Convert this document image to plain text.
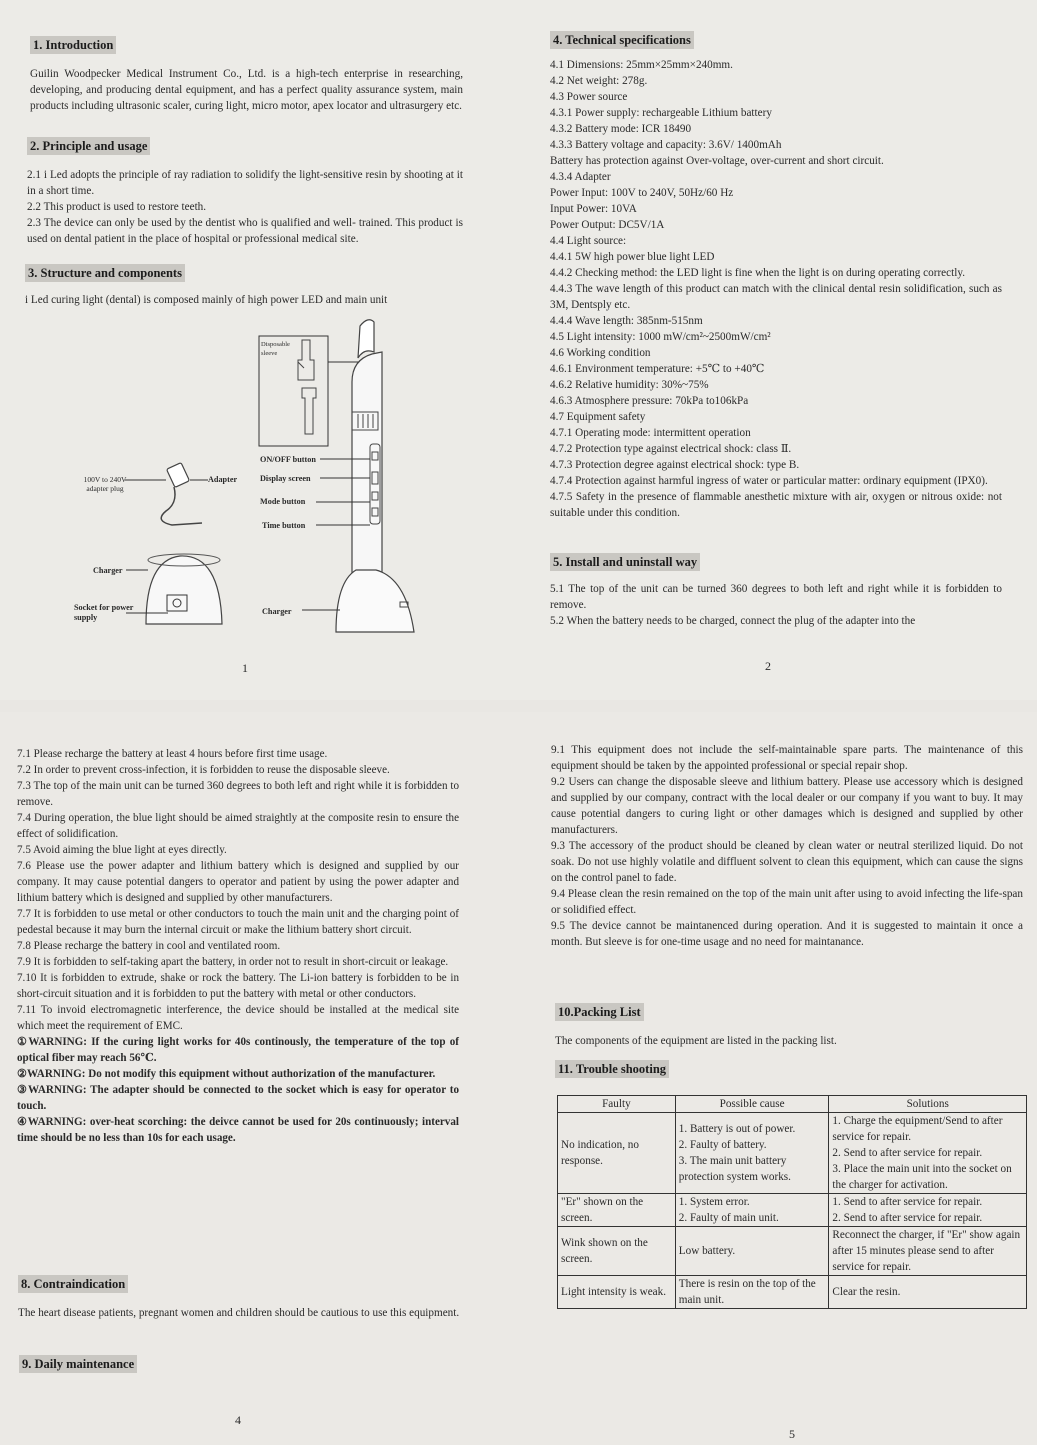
1. Introduction

Guilin Woodpecker Medical Instrument Co., Ltd. is a high-tech enterprise in researching, developing, and producing dental equipment, and has a perfect quality assurance system, main products including ultrasonic scaler, curing light, micro motor, apex locator and ultrasurgery etc.

2. Principle and usage

2.1 i Led adopts the principle of ray radiation to solidify the light-sensitive resin by shooting at it in a short time.

2.2 This product is used to restore teeth.

2.3 The device can only be used by the dentist who is qualified and well- trained. This product is used on dental patient in the place of hospital or professional medical site.

3. Structure and components

i Led curing light (dental) is composed mainly of high power LED and main unit

Disposable sleeve
ON/OFF button
Display screen
Mode button
Time button
Charger
100V to 240V adapter plug
Adapter
Charger
Socket for power supply
1
4. Technical specifications

4.1 Dimensions: 25mm×25mm×240mm.

4.2 Net weight: 278g.

4.3 Power source

4.3.1 Power supply: rechargeable Lithium battery

4.3.2 Battery mode: ICR 18490

4.3.3 Battery voltage and capacity: 3.6V/ 1400mAh

Battery has protection against Over-voltage, over-current and short circuit.

4.3.4 Adapter

Power Input: 100V to 240V, 50Hz/60 Hz

Input Power: 10VA

Power Output: DC5V/1A

4.4 Light source:

4.4.1 5W high power blue light LED

4.4.2 Checking method: the LED light is fine when the light is on during operating correctly.

4.4.3 The wave length of this product can match with the clinical dental resin solidification, such as 3M, Dentsply etc.

4.4.4 Wave length: 385nm-515nm

4.5 Light intensity: 1000 mW/cm²~2500mW/cm²

4.6 Working condition

4.6.1 Environment temperature: +5℃ to +40℃

4.6.2 Relative humidity: 30%~75%

4.6.3 Atmosphere pressure: 70kPa to106kPa

4.7 Equipment safety

4.7.1 Operating mode: intermittent operation

4.7.2 Protection type against electrical shock: class Ⅱ.

4.7.3 Protection degree against electrical shock: type B.

4.7.4 Protection against harmful ingress of water or particular matter: ordinary equipment (IPX0).

4.7.5 Safety in the presence of flammable anesthetic mixture with air, oxygen or nitrous oxide: not suitable under this condition.

5. Install and uninstall way

5.1 The top of the unit can be turned 360 degrees to both left and right while it is forbidden to remove.

5.2 When the battery needs to be charged, connect the plug of the adapter into the

2

7.1 Please recharge the battery at least 4 hours before first time usage.

7.2 In order to prevent cross-infection, it is forbidden to reuse the disposable sleeve.

7.3 The top of the main unit can be turned 360 degrees to both left and right while it is forbidden to remove.

7.4 During operation, the blue light should be aimed straightly at the composite resin to ensure the effect of solidification.

7.5 Avoid aiming the blue light at eyes directly.

7.6 Please use the power adapter and lithium battery which is designed and supplied by our company. It may cause potential dangers to operator and patient by using the power adapter and lithium battery which is designed and supplied by other manufacturers.

7.7 It is forbidden to use metal or other conductors to touch the main unit and the charging point of pedestal because it may burn the internal circuit or make the lithium battery short circuit.

7.8 Please recharge the battery in cool and ventilated room.

7.9 It is forbidden to self-taking apart the battery, in order not to result in short-circuit or leakage.

7.10 It is forbidden to extrude, shake or rock the battery. The Li-ion battery is forbidden to be in short-circuit situation and it is forbidden to put the battery with metal or other conductors.

7.11 To invoid electromagnetic interference, the device should be installed at the medical site which meet the requirement of EMC.

①WARNING: If the curing light works for 40s continously, the temperature of the top of optical fiber may reach 56℃.

②WARNING: Do not modify this equipment without authorization of the manufacturer.

③WARNING: The adapter should be connected to the socket which is easy for operator to touch.

④WARNING: over-heat scorching: the deivce cannot be used for 20s continuously; interval time should be no less than 10s for each usage.

8. Contraindication

The heart disease patients, pregnant women and children should be cautious to use this equipment.

9. Daily maintenance
4

9.1 This equipment does not include the self-maintainable spare parts. The maintenance of this equipment should be taken by the appointed professional or special repair shop.

9.2 Users can change the disposable sleeve and lithium battery. Please use accessory which is designed and supplied by our company, contract with the local dealer or our company if you want to buy. It may cause potential dangers to curing light or other damages which is designed and supplied by other manufacturers.

9.3 The accessory of the product should be cleaned by clean water or neutral sterilized liquid. Do not soak. Do not use highly volatile and diffluent solvent to clean this equipment, which can cause the signs on the control panel to fade.

9.4 Please clean the resin remained on the top of the main unit after using to avoid infecting the life-span or solidified effect.

9.5 The device cannot be maintanenced during operation. And it is suggested to maintain it once a month. But sleeve is for one-time usage and no need for maintanance.

10.Packing List

The components of the equipment are listed in the packing list.

11. Trouble shooting
Faulty	Possible cause	Solutions
No indication, no response.	1. Battery is out of power.
2. Faulty of battery.
3. The main unit battery protection system works.	1. Charge the equipment/Send to after service for repair.
2. Send to after service for repair.
3. Place the main unit into the socket on the charger for activation.
"Er" shown on the screen.	1. System error.
2. Faulty of main unit.	1. Send to after service for repair.
2. Send to after service for repair.
Wink shown on the screen.	Low battery.	Reconnect the charger, if "Er" show again after 15 minutes please send to after service for repair.
Light intensity is weak.	There is resin on the top of the main unit.	Clear the resin.
5
